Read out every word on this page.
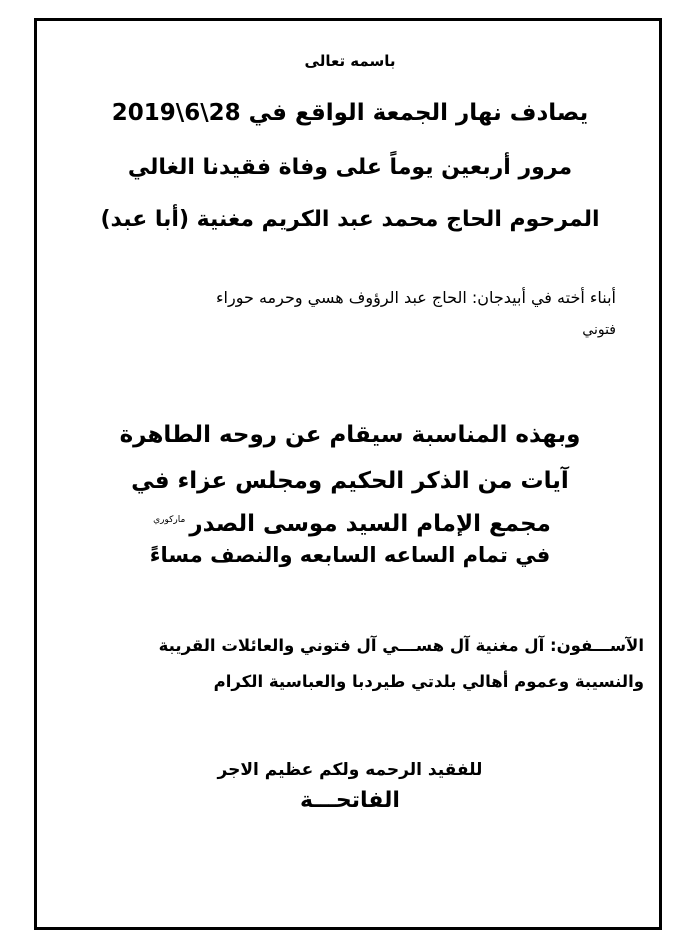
باسمه تعالى
يصادف نهار الجمعة الواقع في 28\6\2019
مرور أربعين يوماً على وفاة فقيدنا الغالي
المرحوم الحاج محمد عبد الكريم مغنية (أبا عبد)
أبناء أخته في أبيدجان: الحاج عبد الرؤوف هسي وحرمه حوراء
فتوني
وبهذه المناسبة سيقام عن روحه الطاهرة
آيات من الذكر الحكيم ومجلس عزاء في
مجمع الإمام السيد موسى الصدر$^{ماركوري}$
في تمام الساعه السابعه والنصف مساءً
الآســـفون: آل مغنية آل هســـي آل فتوني والعائلات القريبة
والنسيبة وعموم أهالي بلدتي طيردبا والعباسية الكرام
للفقيد الرحمه ولكم عظيم الاجر
الفاتحـــة
